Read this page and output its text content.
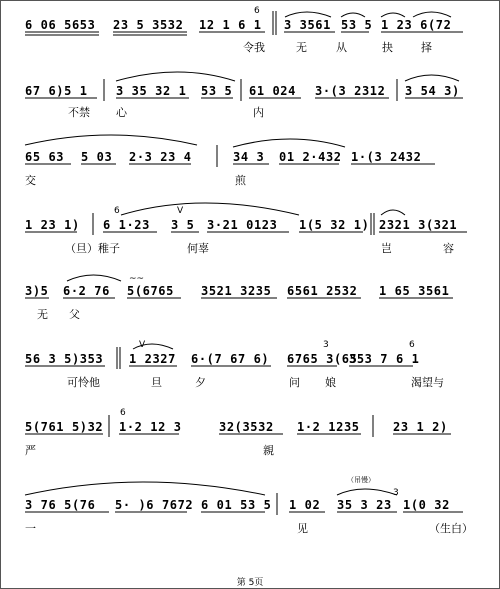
6 06 5653 23 5 3532 12 1 6 1 3 3561 53 5 1 23 6(72
6
令我	无	从	抉	择
67 6)5 1 3 35 32 1 53 5 61 024 3·(3 2312 3 54 3)
不禁 心	内
65 63 5 03 2·3 23 4	34 3 01 2·432 1·(3 2432
交	煎
1 23 1) 6 1·23 3 5 3·21 0123 1(5 32 1) 2321 3(321
6	V
（旦）稚子	何辜	岂	容
3)5 6·2 76 5(6765 3521 3235 6561 2532 1 65 3561
~~
无 父
56 3 5)353 1 2327 6·(7 67 6) 6765 3(65
353 7 6 1
V	3	6
可怜他	旦	夕	问 娘	渴望与
5(761 5)32 1·2 12 3	32(3532 1·2 1235	23 1 2)
6
严	親
（吊慢）
3 76 5(76 5· )6 7672 6 01 53 5 1 02 35 3 23 1(0 32
3
一	见	（生白）
第 5页
